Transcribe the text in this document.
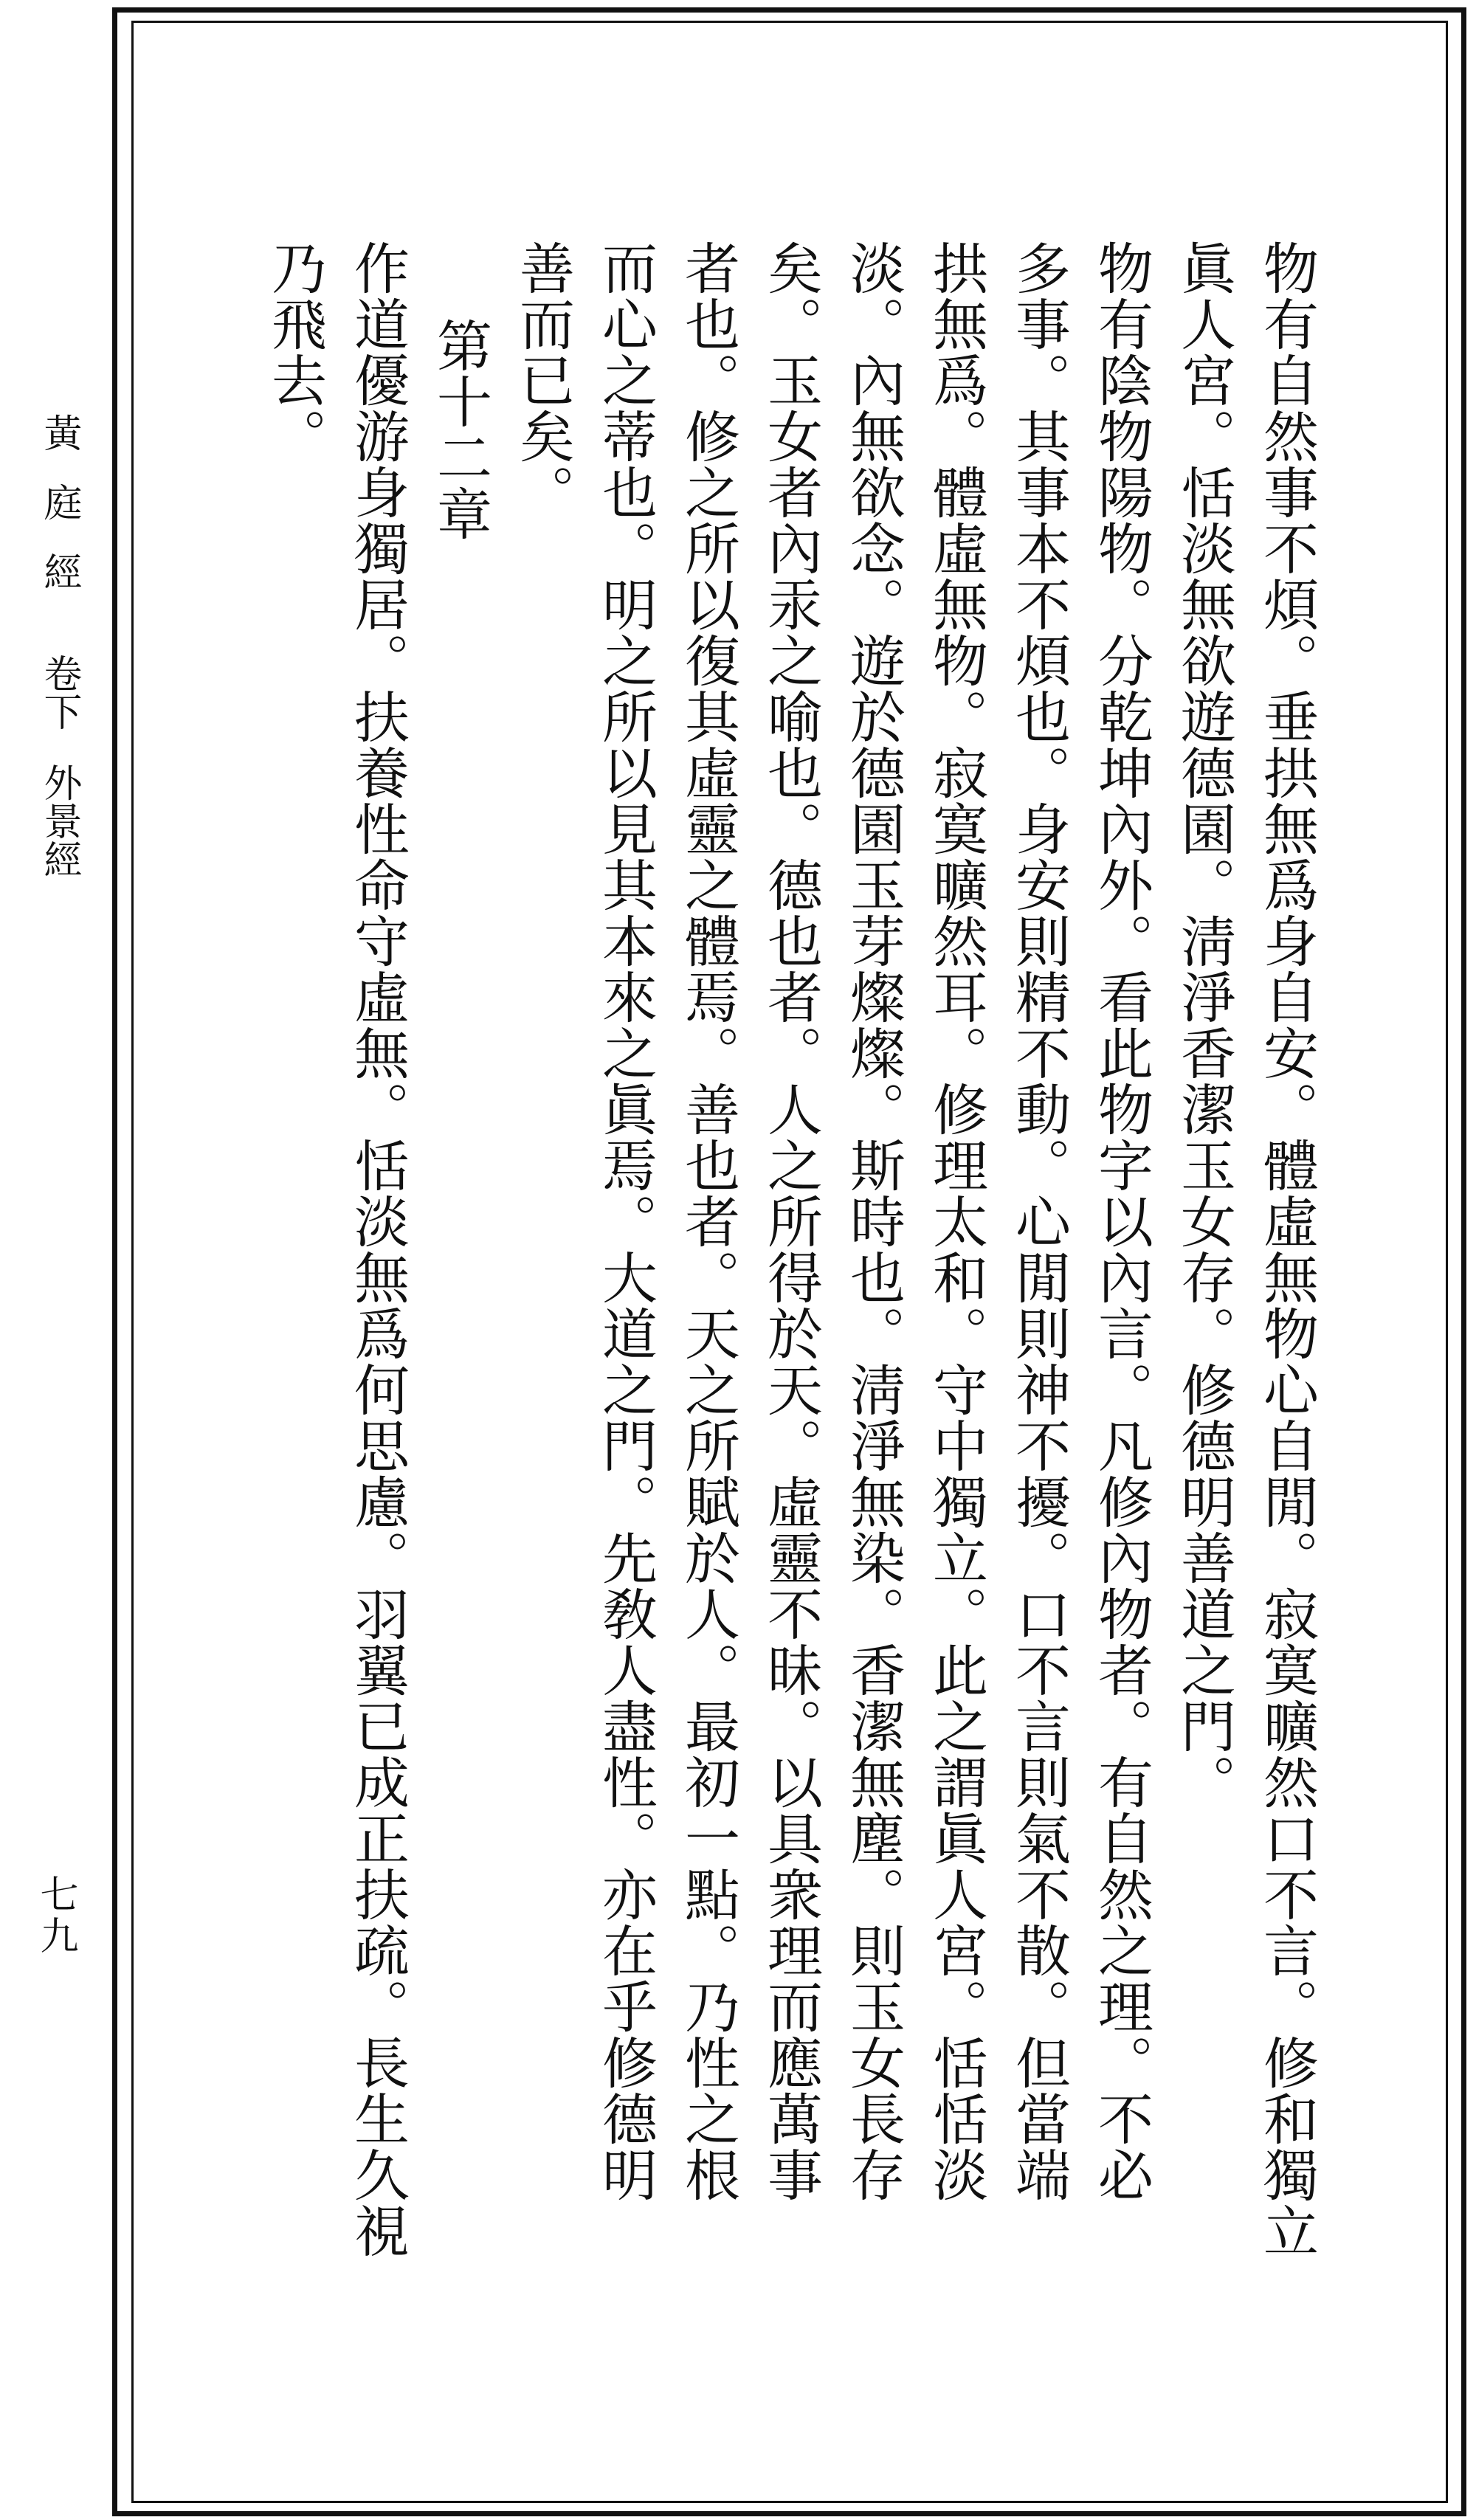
黃庭經卷下外景經
七九	物有自然事不煩。垂拱無爲身自安。體虛無物心自閒。寂寞曠然口不言。修和獨立
眞人宮。恬淡無欲遊德園。淸淨香潔玉女存。修德明善道之門。
物有陰物陽物。分乾坤內外。看此物字以內言。凡修內物者。有自然之理。不必
多事。其事本不煩也。身安則精不動。心閒則神不擾。口不言則氣不散。但當端
拱無爲。體虛無物。寂寞曠然耳。修理太和。守中獨立。此之謂眞人宮。恬恬淡
淡。內無欲念。遊於德園玉芽燦燦。斯時也。淸淨無染。香潔無塵。則玉女長存
矣。玉女者內汞之喻也。德也者。人之所得於天。虛靈不昧。以具衆理而應萬事
者也。修之所以復其虛靈之體焉。善也者。天之所賦於人。最初一點。乃性之根
而心之蒂也。明之所以見其本來之眞焉。大道之門。先敎人盡性。亦在乎修德明
善而已矣。
第十二章
作道優游身獨居。扶養性命守虛無。恬淡無爲何思慮。羽翼已成正扶疏。長生久視
乃飛去。
